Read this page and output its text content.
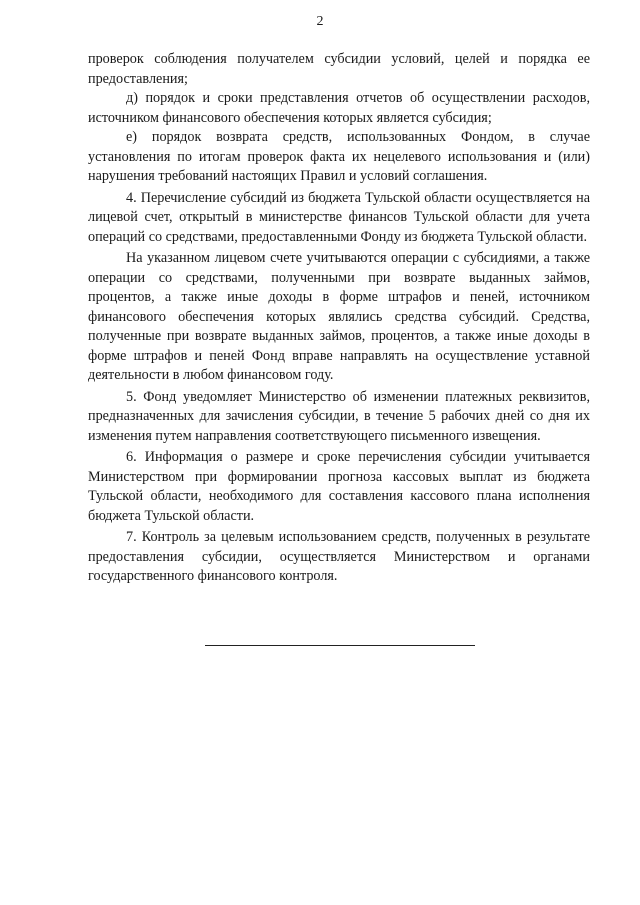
2

проверок соблюдения получателем субсидии условий, целей и порядка ее предоставления;

д) порядок и сроки представления отчетов об осуществлении расходов, источником финансового обеспечения которых является субсидия;

е) порядок возврата средств, использованных Фондом, в случае установления по итогам проверок факта их нецелевого использования и (или) нарушения требований настоящих Правил и условий соглашения.

4. Перечисление субсидий из бюджета Тульской области осуществляется на лицевой счет, открытый в министерстве финансов Тульской области для учета операций со средствами, предоставленными Фонду из бюджета Тульской области.

На указанном лицевом счете учитываются операции с субсидиями, а также операции со средствами, полученными при возврате выданных займов, процентов, а также иные доходы в форме штрафов и пеней, источником финансового обеспечения которых являлись средства субсидий. Средства, полученные при возврате выданных займов, процентов, а также иные доходы в форме штрафов и пеней Фонд вправе направлять на осуществление уставной деятельности в любом финансовом году.

5. Фонд уведомляет Министерство об изменении платежных реквизитов, предназначенных для зачисления субсидии, в течение 5 рабочих дней со дня их изменения путем направления соответствующего письменного извещения.

6. Информация о размере и сроке перечисления субсидии учитывается Министерством при формировании прогноза кассовых выплат из бюджета Тульской области, необходимого для составления кассового плана исполнения бюджета Тульской области.

7. Контроль за целевым использованием средств, полученных в результате предоставления субсидии, осуществляется Министерством и органами государственного финансового контроля.
